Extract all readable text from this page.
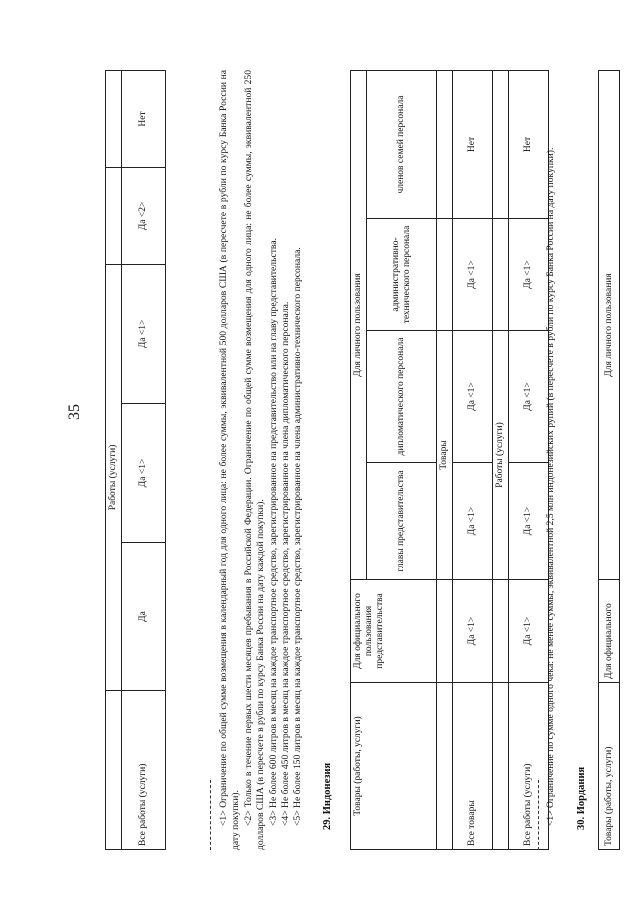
35
	Работы (услуги)				
Все работы (услуги)	Да	Да <1>	Да <1>	Да <2>	Нет	<1> Ограничение по общей сумме возмещения в календарный год для одного лица: не более суммы, эквивалентной 500 долларов США (в пересчете в рубли по курсу Банка России на дату покупки). <2> Только в течение первых шести месяцев пребывания в Российской Федерации. Ограничение по общей сумме возмещения для одного лица: не более суммы, эквивалентной 250 долларов США (в пересчете в рубли по курсу Банка России на дату каждой покупки). <3> Не более 600 литров в месяц на каждое транспортное средство, зарегистрированное на представительство или на главу представительства. <4> Не более 450 литров в месяц на каждое транспортное средство, зарегистрированное на члена дипломатического персонала. <5> Не более 150 литров в месяц на каждое транспортное средство, зарегистрированное на члена административно-технического персонала. 29. Индонезия Товары (работы, услуги)	Для официального пользования представительства	Для личного пользования			
		главы представительства	дипломатического персонала	административно-технического персонала	членов семей персонала
		Товары			
Все товары	Да <1>	Да <1>	Да <1>	Да <1>	Нет
		Работы (услуги)			
Все работы (услуги)	Да <1>	Да <1>	Да <1>	Да <1>	Нет

<1> Ограничение по сумме одного чека: не менее суммы, эквивалентной 2,5 млн индонезийских рупий (в пересчете в рубли по курсу Банка России на дату покупки). 30. Иордания Товары (работы, услуги)	Для официального	Для личного пользования
